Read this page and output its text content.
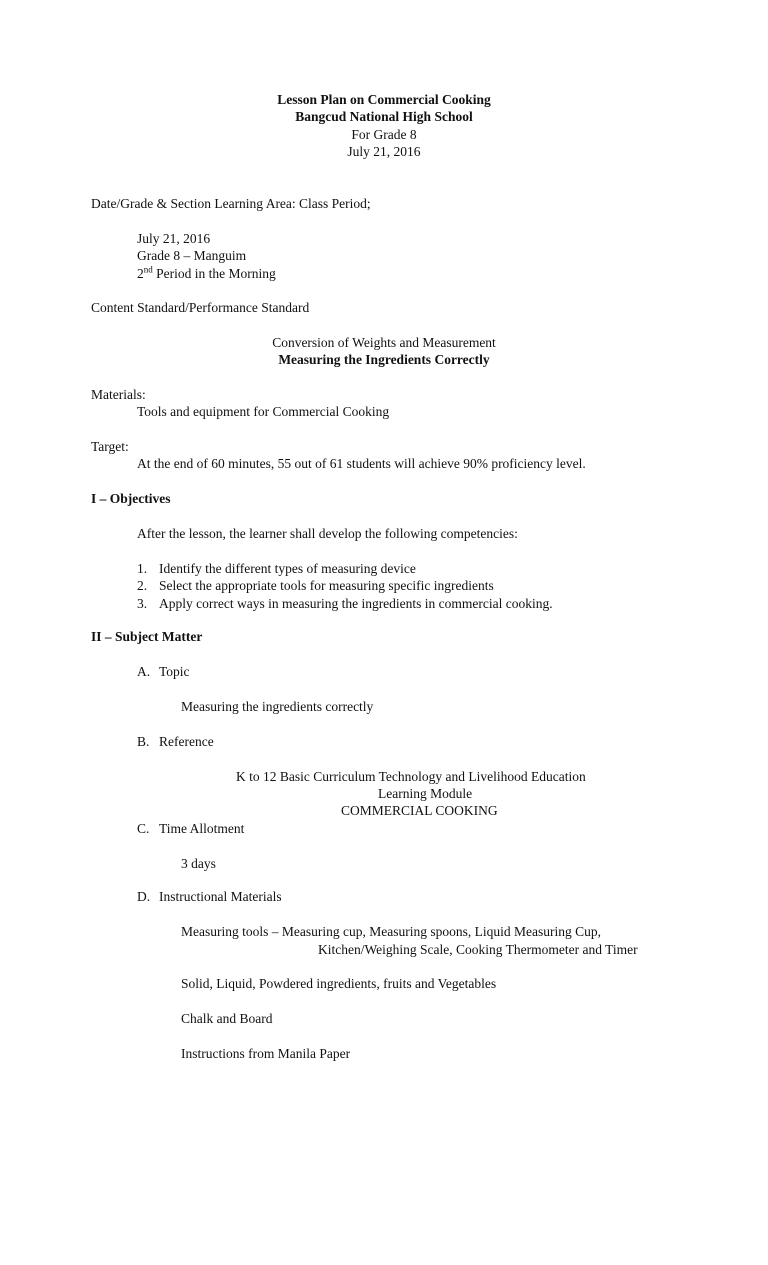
Lesson Plan on Commercial Cooking
Bangcud National High School
For Grade 8
July 21, 2016
Date/Grade & Section Learning Area: Class Period;
July 21, 2016
Grade 8 – Manguim
2nd Period in the Morning
Content Standard/Performance Standard
Conversion of Weights and Measurement
Measuring the Ingredients Correctly
Materials:
Tools and equipment for Commercial Cooking
Target:
At the end of 60 minutes, 55 out of 61 students will achieve 90% proficiency level.
I – Objectives
After the lesson, the learner shall develop the following competencies:
1. Identify the different types of measuring device
2. Select the appropriate tools for measuring specific ingredients
3. Apply correct ways in measuring the ingredients in commercial cooking.
II – Subject Matter
A. Topic
Measuring the ingredients correctly
B. Reference
K to 12 Basic Curriculum Technology and Livelihood Education
Learning Module
COMMERCIAL COOKING
C. Time Allotment
3 days
D. Instructional Materials
Measuring tools – Measuring cup, Measuring spoons, Liquid Measuring Cup,
Kitchen/Weighing Scale, Cooking Thermometer and Timer
Solid, Liquid, Powdered ingredients, fruits and Vegetables
Chalk and Board
Instructions from Manila Paper
